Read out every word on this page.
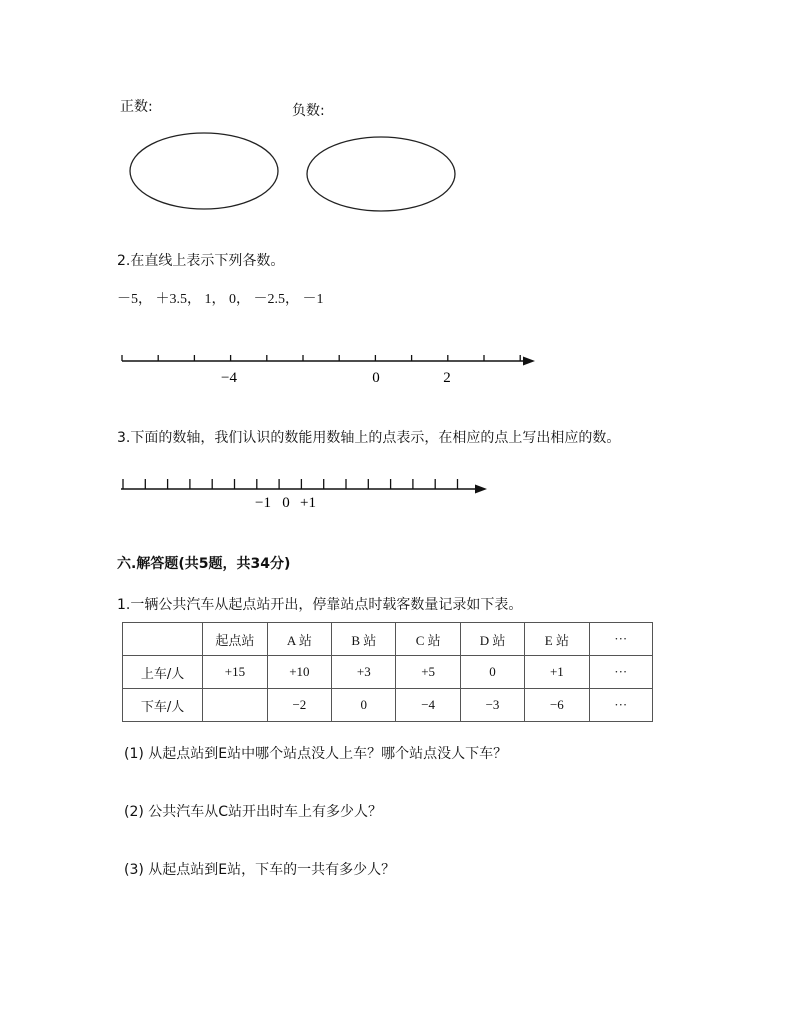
正数:	负数:
2.在直线上表示下列各数。
－5， ＋3.5， 1， 0， －2.5， －1
−4	0	2
3.下面的数轴，我们认识的数能用数轴上的点表示，在相应的点上写出相应的数。
−1 0 +1
六.解答题(共5题，共34分)
1.一辆公共汽车从起点站开出，停靠站点时载客数量记录如下表。
	起点站	A 站	B 站	C 站	D 站	E 站	···
上车/人	+15	+10	+3	+5	0	+1	···
下车/人		−2	0	−4	−3	−6	···
(1) 从起点站到E站中哪个站点没人上车？哪个站点没人下车？
(2) 公共汽车从C站开出时车上有多少人？
(3) 从起点站到E站，下车的一共有多少人？
